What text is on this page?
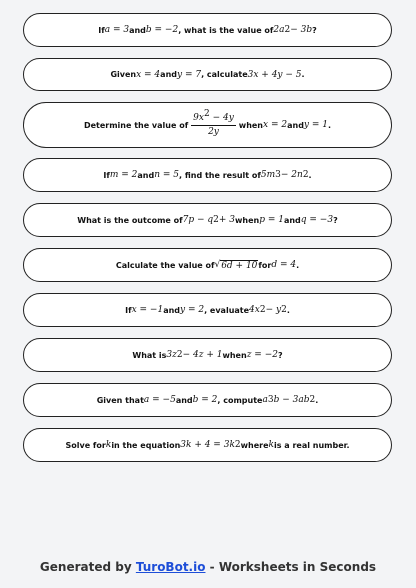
If a = 3 and b = −2 , what is the value of 2a 2 − 3b ?
Given x = 4 and y = 7 , calculate 3x + 4y − 5 .
Determine the value of $\frac{9x^2 - 4y}{2y}$ when x = 2 and y = 1 .
If m = 2 and n = 5 , find the result of 5m 3 − 2n 2 .
What is the outcome of 7p − q 2 + 3 when p = 1 and q = −3 ?
Calculate the value of √ 6d + 10 for d = 4 .
If x = −1 and y = 2 , evaluate 4x 2 − y 2 .
What is 3z 2 − 4z + 1 when z = −2 ?
Given that a = −5 and b = 2 , compute a 3 b − 3ab 2 .
Solve for k in the equation 3k + 4 = 3k 2 where k is a real number.
Generated by TuroBot.io - Worksheets in Seconds
